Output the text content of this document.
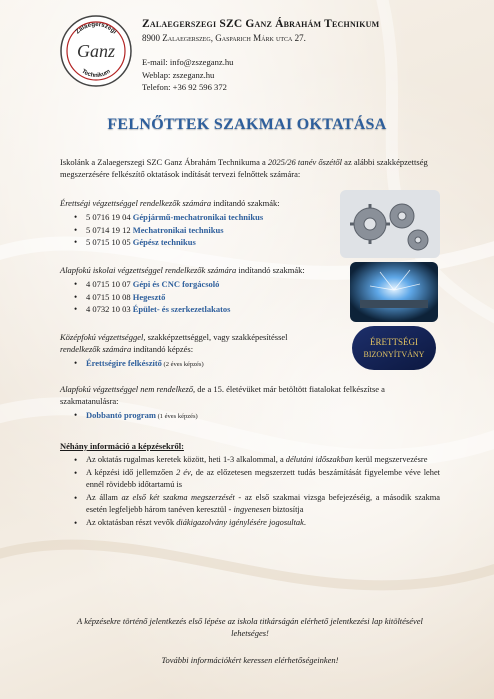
Zalaegerszegi
Technikum
Ganz
Zalaegerszegi SZC Ganz Ábrahám Technikum
8900 Zalaegerszeg, Gasparich Márk utca 27.
E-mail: info@zszeganz.hu
Weblap: zszeganz.hu
Telefon: +36 92 596 372
FELNŐTTEK SZAKMAI OKTATÁSA
Iskolánk a Zalaegerszegi SZC Ganz Ábrahám Technikuma a 2025/26 tanév őszétől az alábbi szakképzettség megszerzésére felkészítő oktatások indítását tervezi felnőttek számára:
Érettségi végzettséggel rendelkezők számára indítandó szakmák:
• 5 0716 19 04 Gépjármű-mechatronikai technikus
• 5 0714 19 12 Mechatronikai technikus
• 5 0715 10 05 Gépész technikus
Alapfokú iskolai végzettséggel rendelkezők számára indítandó szakmák:
• 4 0715 10 07 Gépi és CNC forgácsoló
• 4 0715 10 08 Hegesztő
• 4 0732 10 03 Épület- és szerkezetlakatos
Középfokú végzettséggel, szakképzettséggel, vagy szakképesítéssel
rendelkezők számára indítandó képzés:
• Érettségire felkészítő (2 éves képzés)
ÉRETTSÉGI
BIZONYÍTVÁNY
Alapfokú végzettséggel nem rendelkező, de a 15. életévüket már betöltött fiatalokat felkészítse a szakmatanulásra:
• Dobbantó program (1 éves képzés)
Néhány információ a képzésekről:
• Az oktatás rugalmas keretek között, heti 1-3 alkalommal, a délutáni időszakban kerül megszervezésre
• A képzési idő jellemzően 2 év, de az előzetesen megszerzett tudás beszámítását figyelembe véve lehet ennél rövidebb időtartamú is
• Az állam az első két szakma megszerzését - az első szakmai vizsga befejezéséig, a második szakma esetén legfeljebb három tanéven keresztül - ingyenesen biztosítja
• Az oktatásban részt vevők diákigazolvány igénylésére jogosultak.
A képzésekre történő jelentkezés első lépése az iskola titkárságán elérhető jelentkezési lap kitöltésével lehetséges!
További információkért keressen elérhetőségeinken!
